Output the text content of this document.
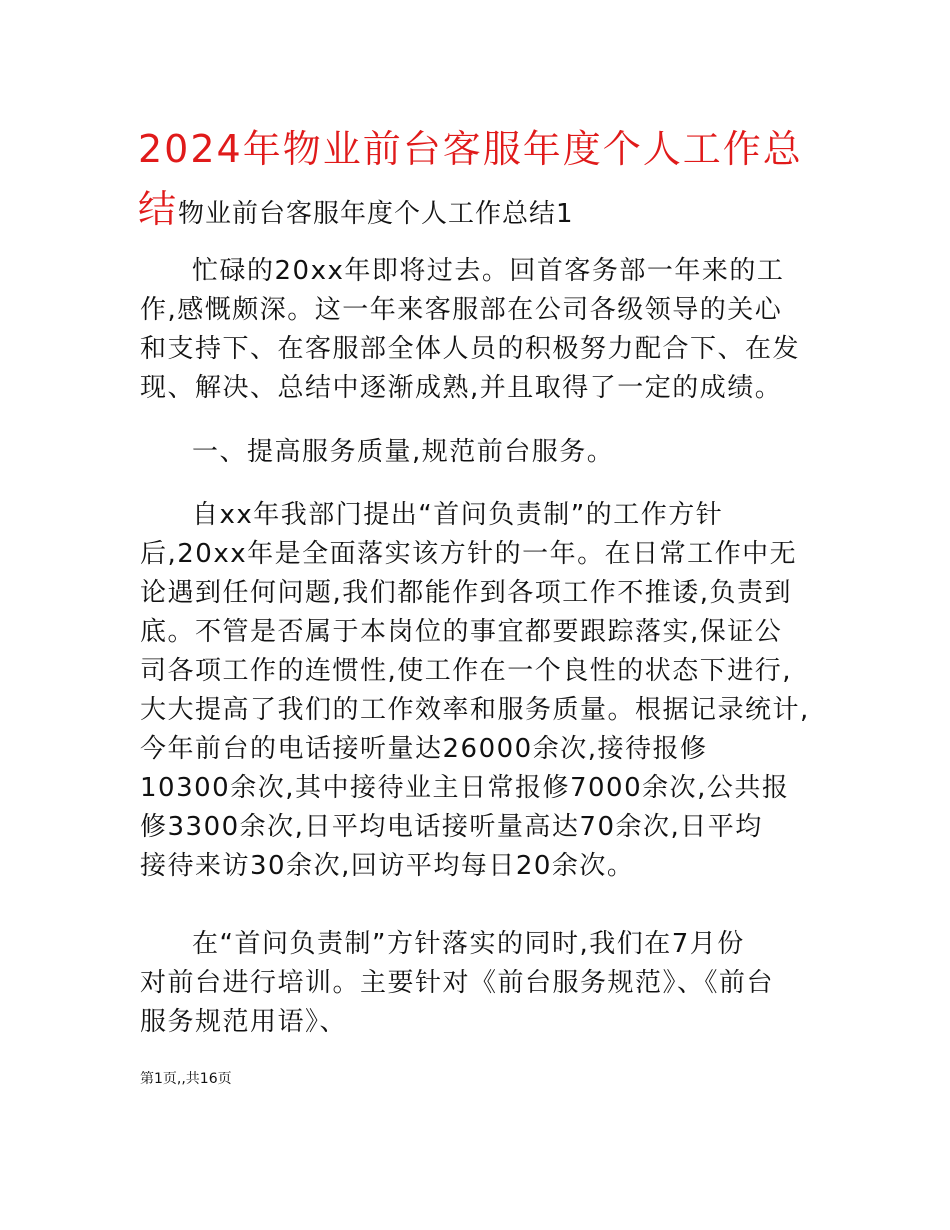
2024年物业前台客服年度个人工作总
结物业前台客服年度个人工作总结1
忙碌的20xx年即将过去。回首客务部一年来的工
作,感慨颇深。这一年来客服部在公司各级领导的关心
和支持下、在客服部全体人员的积极努力配合下、在发
现、解决、总结中逐渐成熟,并且取得了一定的成绩。
一、提高服务质量,规范前台服务。
自xx年我部门提出“首问负责制”的工作方针
后,20xx年是全面落实该方针的一年。在日常工作中无
论遇到任何问题,我们都能作到各项工作不推诿,负责到
底。不管是否属于本岗位的事宜都要跟踪落实,保证公
司各项工作的连惯性,使工作在一个良性的状态下进行,
大大提高了我们的工作效率和服务质量。根据记录统计,
今年前台的电话接听量达26000余次,接待报修
10300余次,其中接待业主日常报修7000余次,公共报
修3300余次,日平均电话接听量高达70余次,日平均
接待来访30余次,回访平均每日20余次。
在“首问负责制”方针落实的同时,我们在7月份
对前台进行培训。主要针对《前台服务规范》、《前台
服务规范用语》、
第1页,,共16页
